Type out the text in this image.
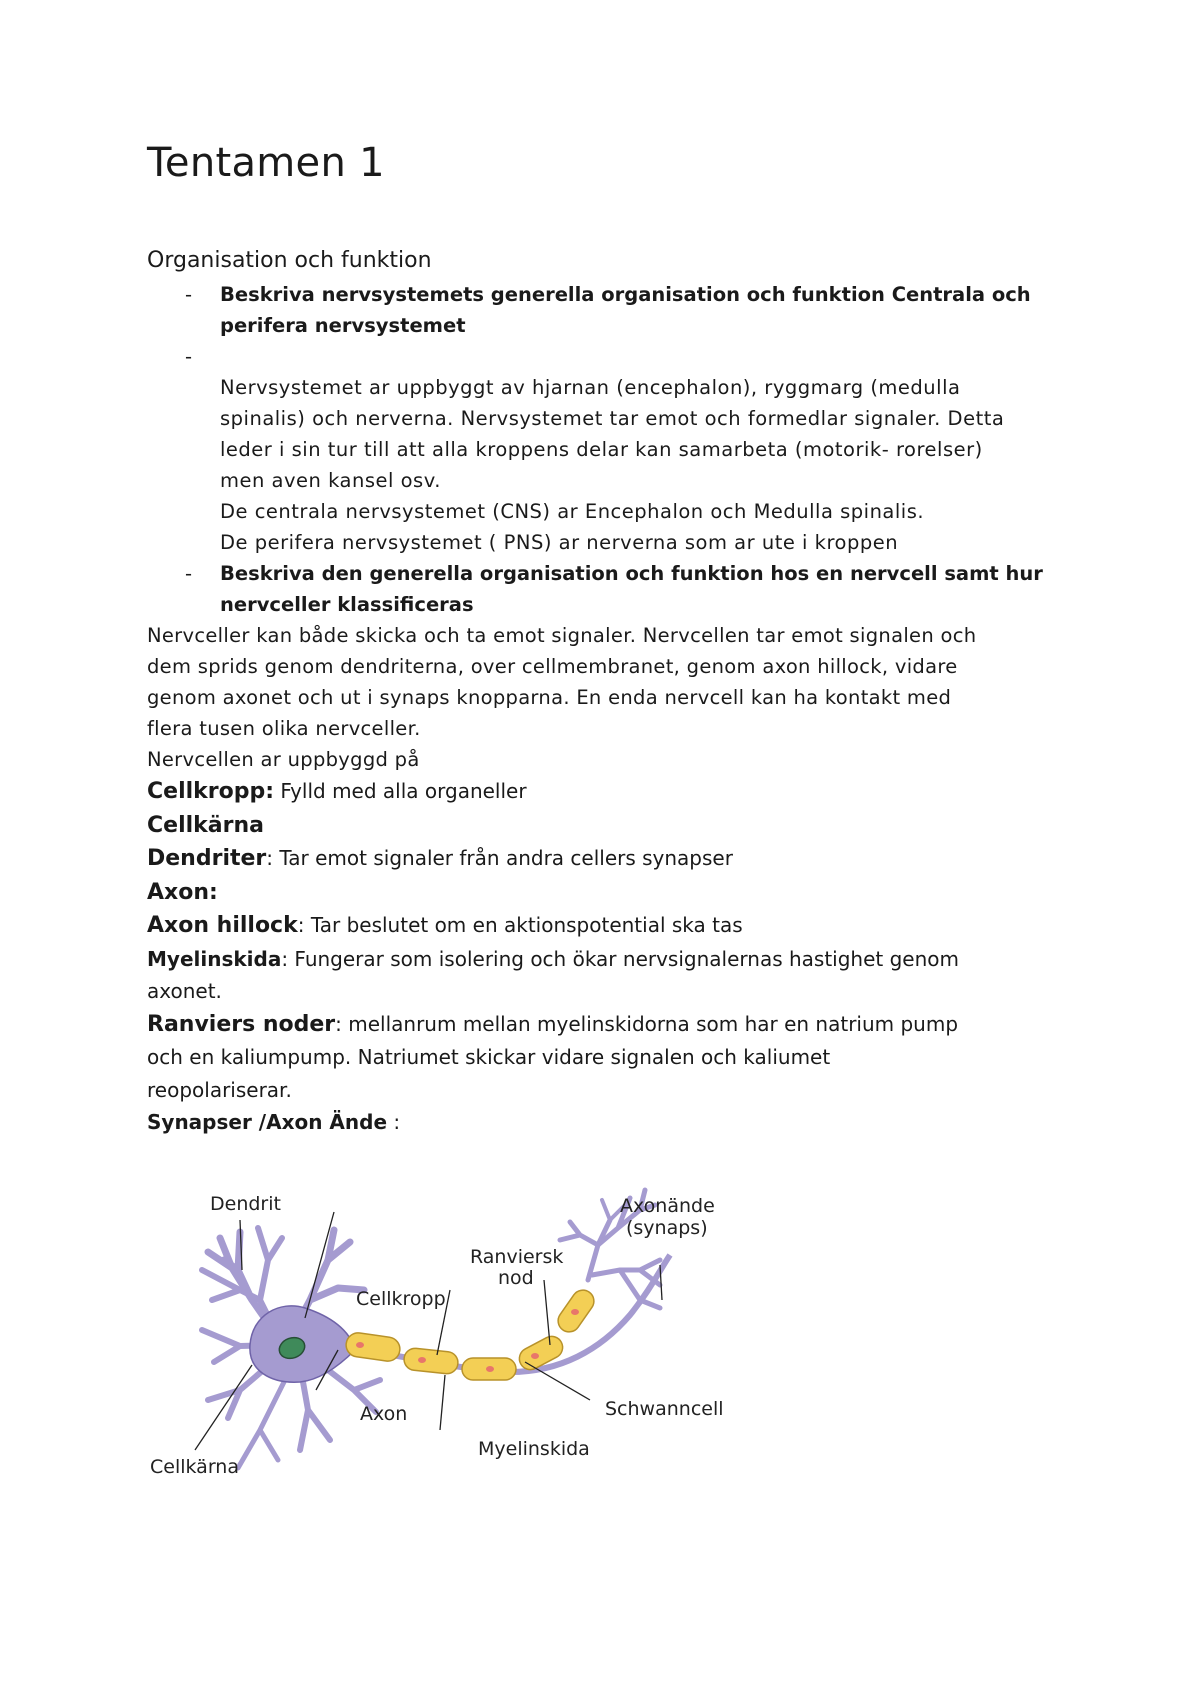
Tentamen 1
Organisation och funktion
- Beskriva nervsystemets generella organisation och funktion Centrala och
perifera nervsystemet
-
Nervsystemet ar uppbyggt av hjarnan (encephalon), ryggmarg (medulla
spinalis) och nerverna. Nervsystemet tar emot och formedlar signaler. Detta
leder i sin tur till att alla kroppens delar kan samarbeta (motorik- rorelser)
men aven kansel osv.
De centrala nervsystemet (CNS) ar Encephalon och Medulla spinalis.
De perifera nervsystemet ( PNS) ar nerverna som ar ute i kroppen
- Beskriva den generella organisation och funktion hos en nervcell samt hur
nervceller klassificeras
Nervceller kan både skicka och ta emot signaler. Nervcellen tar emot signalen och
dem sprids genom dendriterna, over cellmembranet, genom axon hillock, vidare
genom axonet och ut i synaps knopparna. En enda nervcell kan ha kontakt med
flera tusen olika nervceller.
Nervcellen ar uppbyggd på
Cellkropp: Fylld med alla organeller
Cellkärna
Dendriter: Tar emot signaler från andra cellers synapser
Axon:
Axon hillock: Tar beslutet om en aktionspotential ska tas
Myelinskida: Fungerar som isolering och ökar nervsignalernas hastighet genom
axonet.
Ranviers noder: mellanrum mellan myelinskidorna som har en natrium pump
och en kaliumpump. Natriumet skickar vidare signalen och kaliumet
reopolariserar.
Synapser /Axon Ände :
Dendrit	Axonände
(synaps)
Ranviersk
nod
Cellkropp
Schwanncell
Axon
Myelinskida
Cellkärna
